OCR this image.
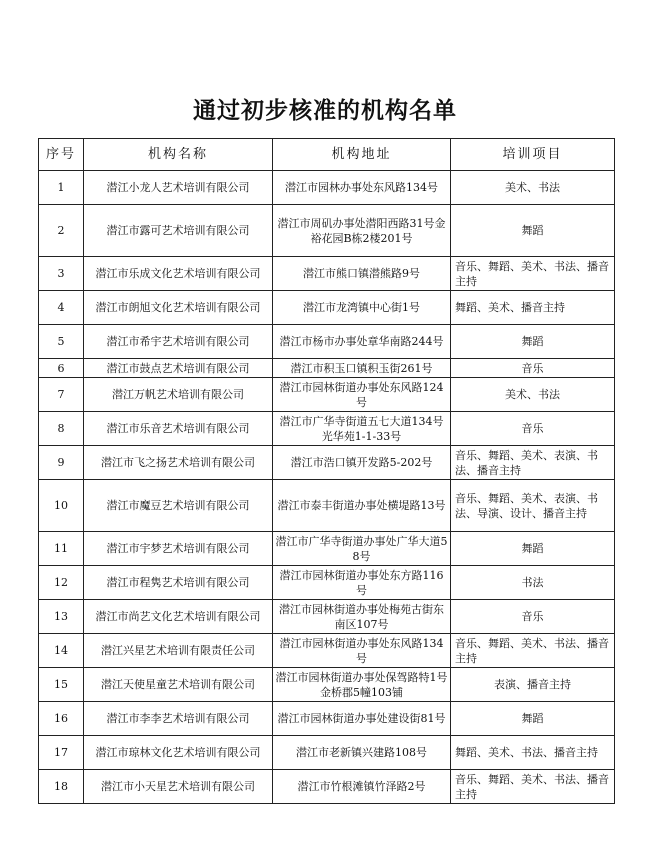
通过初步核准的机构名单
序号	机构名称	机构地址	培训项目
1	潜江小龙人艺术培训有限公司	潜江市园林办事处东风路134号	美术、书法
2	潜江市露可艺术培训有限公司	潜江市周矶办事处潜阳西路31号金裕花园B栋2楼201号	舞蹈
3	潜江市乐成文化艺术培训有限公司	潜江市熊口镇潜熊路9号	音乐、舞蹈、美术、书法、播音主持
4	潜江市朗旭文化艺术培训有限公司	潜江市龙湾镇中心街1号	舞蹈、美术、播音主持
5	潜江市希宇艺术培训有限公司	潜江市杨市办事处章华南路244号	舞蹈
6	潜江市鼓点艺术培训有限公司	潜江市积玉口镇积玉街261号	音乐
7	潜江万帆艺术培训有限公司	潜江市园林街道办事处东风路124号	美术、书法
8	潜江市乐音艺术培训有限公司	潜江市广华寺街道五七大道134号光华苑1-1-33号	音乐
9	潜江市飞之扬艺术培训有限公司	潜江市浩口镇开发路5-202号	音乐、舞蹈、美术、表演、书法、播音主持
10	潜江市魔豆艺术培训有限公司	潜江市泰丰街道办事处横堤路13号	音乐、舞蹈、美术、表演、书法、导演、设计、播音主持
11	潜江市宇梦艺术培训有限公司	潜江市广华寺街道办事处广华大道58号	舞蹈
12	潜江市程隽艺术培训有限公司	潜江市园林街道办事处东方路116号	书法
13	潜江市尚艺文化艺术培训有限公司	潜江市园林街道办事处梅苑古街东南区107号	音乐
14	潜江兴星艺术培训有限责任公司	潜江市园林街道办事处东风路134号	音乐、舞蹈、美术、书法、播音主持
15	潜江天使星童艺术培训有限公司	潜江市园林街道办事处保驾路特1号金桥郡5幢103铺	表演、播音主持
16	潜江市李李艺术培训有限公司	潜江市园林街道办事处建设街81号	舞蹈
17	潜江市琼林文化艺术培训有限公司	潜江市老新镇兴建路108号	舞蹈、美术、书法、播音主持
18	潜江市小天星艺术培训有限公司	潜江市竹根滩镇竹泽路2号	音乐、舞蹈、美术、书法、播音主持
